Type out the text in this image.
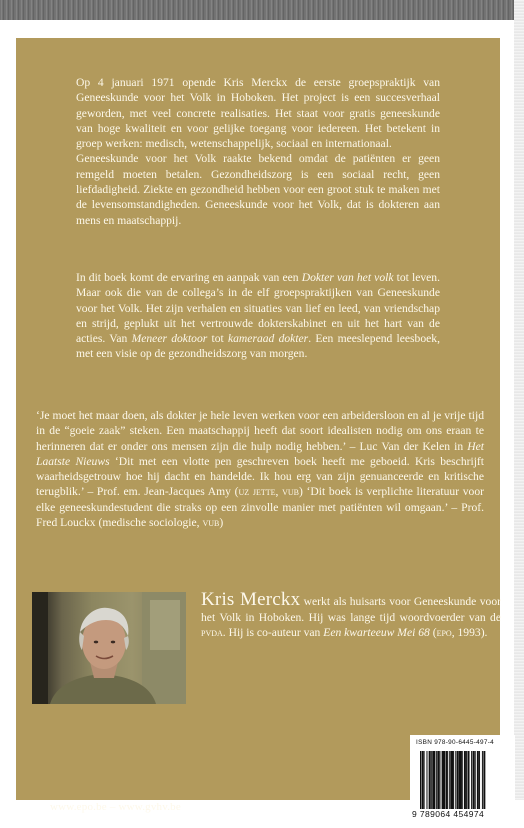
Op 4 januari 1971 opende Kris Merckx de eerste groepspraktijk van Geneeskunde voor het Volk in Hoboken. Het project is een succesverhaal geworden, met veel concrete realisaties. Het staat voor gratis geneeskunde van hoge kwaliteit en voor gelijke toegang voor iedereen. Het betekent in groep werken: medisch, wetenschappelijk, sociaal en internationaal.

Geneeskunde voor het Volk raakte bekend omdat de patiënten er geen remgeld moeten betalen. Gezondheidszorg is een sociaal recht, geen liefdadigheid. Ziekte en gezondheid hebben voor een groot stuk te maken met de levensomstandigheden. Geneeskunde voor het Volk, dat is dokteren aan mens en maatschappij.

In dit boek komt de ervaring en aanpak van een Dokter van het volk tot leven. Maar ook die van de collega’s in de elf groepspraktijken van Geneeskunde voor het Volk. Het zijn verhalen en situaties van lief en leed, van vriendschap en strijd, geplukt uit het vertrouwde dokterskabinet en uit het hart van de acties. Van Meneer doktoor tot kameraad dokter. Een meeslepend leesboek, met een visie op de gezondheidszorg van morgen.

‘Je moet het maar doen, als dokter je hele leven werken voor een arbeidersloon en al je vrije tijd in de “goeie zaak” steken. Een maatschappij heeft dat soort idealisten nodig om ons eraan te herinneren dat er onder ons mensen zijn die hulp nodig hebben.’ – Luc Van der Kelen in Het Laatste Nieuws ‘Dit met een vlotte pen geschreven boek heeft me geboeid. Kris beschrijft waarheidsgetrouw hoe hij dacht en handelde. Ik hou erg van zijn genuanceerde en kritische terugblik.’ – Prof. em. Jean-Jacques Amy (uz jette, vub) ‘Dit boek is verplichte literatuur voor elke geneeskundestudent die straks op een zinvolle manier met patiënten wil omgaan.’ – Prof. Fred Louckx (medische sociologie, vub)

Kris Merckx werkt als huisarts voor Geneeskunde voor het Volk in Hoboken. Hij was lange tijd woordvoerder van de pvda. Hij is co-auteur van Een kwarteeuw Mei 68 (epo, 1993).
www.epo.be – www.gvhv.be
ISBN 978-90-6445-497-4
9 789064 454974
